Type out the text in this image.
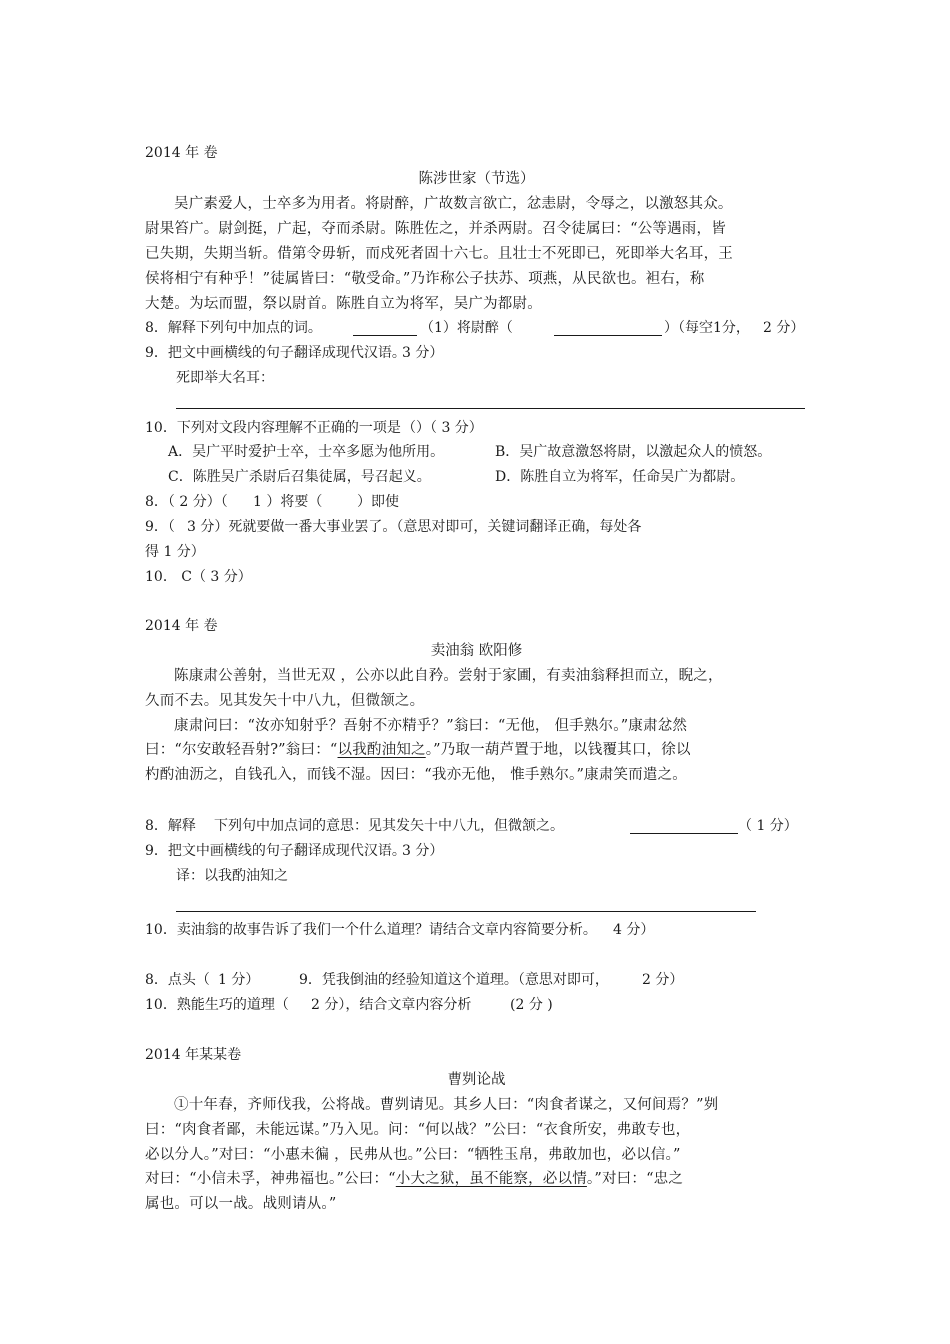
2014 年 卷
陈涉世家（节选）
吴广素爱人，士卒多为用者。将尉醉，广故数言欲亡，忿恚尉，令辱之，以激怒其众。
尉果笞广。尉剑挺，广起，夺而杀尉。陈胜佐之，并杀两尉。召令徒属曰：“公等遇雨，皆
已失期，失期当斩。借第令毋斩，而戍死者固十六七。且壮士不死即已，死即举大名耳，王
侯将相宁有种乎！”徒属皆曰：“敬受命。”乃诈称公子扶苏、项燕，从民欲也。袒右，称
大楚。为坛而盟，祭以尉首。陈胜自立为将军，吴广为都尉。
8．解释下列句中加点的词。	（1）将尉醉（	）（每空1分， 2 分）
9．把文中画横线的句子翻译成现代汉语。
3 分）
死即举大名耳：
10．下列对文段内容理解不正确的一项是 （）（ 3 分）
A．吴广平时爱护士卒，士卒多愿为他所用。	B．吴广故意激怒将尉，以激起众人的愤怒。
C．陈胜吴广杀尉后召集徒属，号召起义。	D．陈胜自立为将军，任命吴广为都尉。
8．（ 2 分）（ 1 ）将要（ ）即使
9．（ 3 分）死就要做一番大事业罢了。（意思对即可，关键词翻译正确，每处各
得 1 分）
10． C（ 3 分）
2014 年 卷
卖油翁 欧阳修
陈康肃公善射，当世无双 ，公亦以此自矜。尝射于家圃，有卖油翁释担而立，睨之，
久而不去。见其发矢十中八九，但微颔之。
康肃问曰：“汝亦知射乎？吾射不亦精乎？”翁曰：“无他， 但手熟尔。”康肃忿然
曰：“尔安敢轻吾射?”翁曰：“以我酌油知之。”乃取一葫芦置于地，以钱覆其口，徐以
杓酌油沥之，自钱孔入，而钱不湿。因曰：“我亦无他， 惟手熟尔。”康肃笑而遣之。
8．解释 下列句中加点词的意思：见其发矢十中八九，但微颔之。	（ 1 分）
9．把文中画横线的句子翻译成现代汉语。
3 分）
译：以我酌油知之
10．卖油翁的故事告诉了我们一个什么道理？请结合文章内容简要分析。 4 分）
8．点头（ 1 分）	9．凭我倒油的经验知道这个道理。（意思对即可， 2 分）
10．熟能生巧的道理（ 2 分），结合文章内容分析	(2 分 )
2014 年某某卷
曹刿论战
①十年春，齐师伐我，公将战。曹刿请见。其乡人曰：“肉食者谋之，又何间焉？”刿
曰：“肉食者鄙，未能远谋。”乃入见。问：“何以战？”公曰：“衣食所安，弗敢专也，
必以分人。”对曰：“小惠未徧 ，民弗从也。”公曰：“牺牲玉帛，弗敢加也，必以信。”
对曰：“小信未孚，神弗福也。”公曰：“小大之狱，虽不能察，必以情。”对曰：“忠之
属也。可以一战。战则请从。”
